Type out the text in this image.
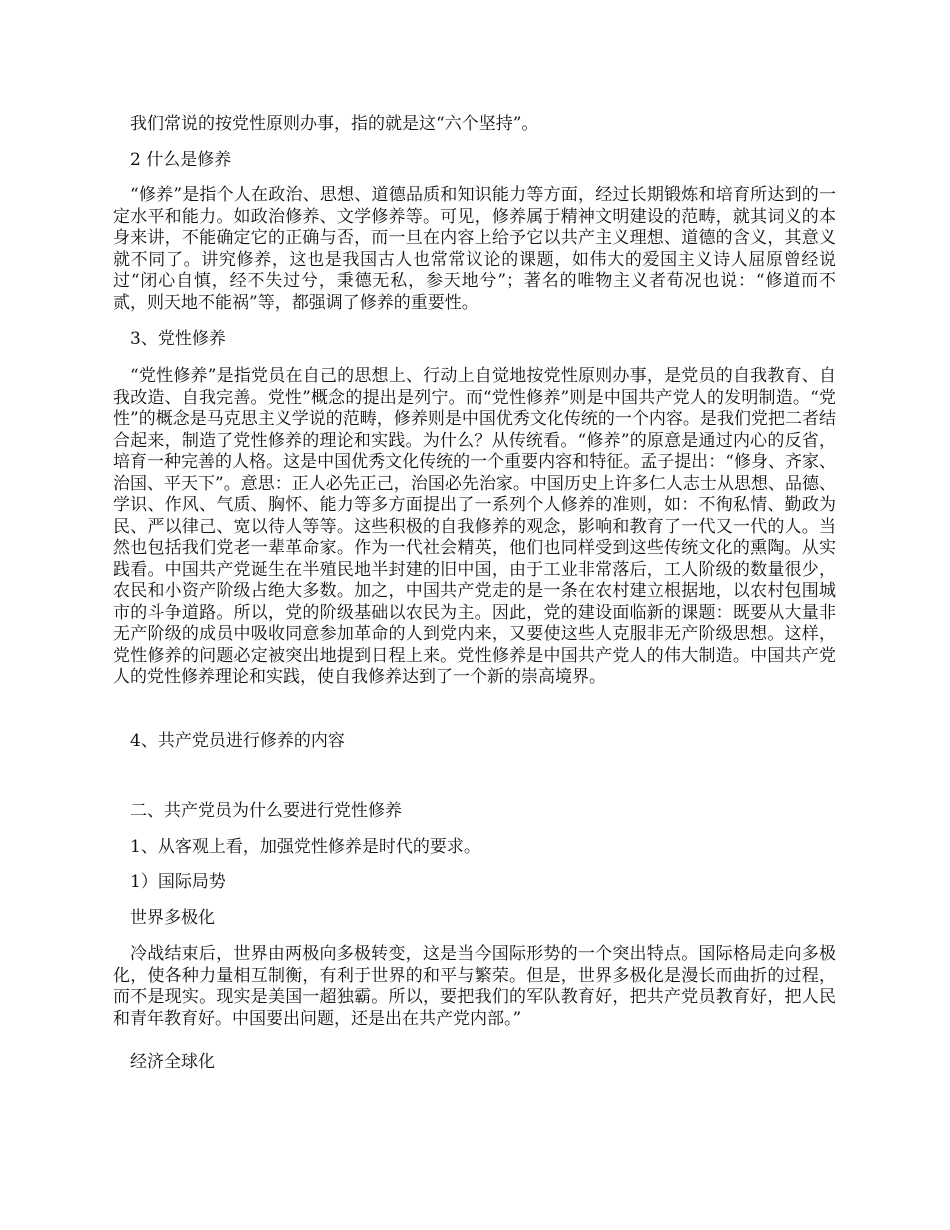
我们常说的按党性原则办事，指的就是这“六个坚持”。

2 什么是修养

“修养”是指个人在政治、思想、道德品质和知识能力等方面，经过长期锻炼和培育所达到的一定水平和能力。如政治修养、文学修养等。可见，修养属于精神文明建设的范畴，就其词义的本身来讲，不能确定它的正确与否，而一旦在内容上给予它以共产主义理想、道德的含义，其意义就不同了。讲究修养，这也是我国古人也常常议论的课题，如伟大的爱国主义诗人屈原曾经说过“闭心自慎，经不失过兮，秉德无私，参天地兮”；著名的唯物主义者荀况也说：“修道而不贰，则天地不能祸”等，都强调了修养的重要性。

3、党性修养

“党性修养”是指党员在自己的思想上、行动上自觉地按党性原则办事，是党员的自我教育、自我改造、自我完善。党性”概念的提出是列宁。而“党性修养”则是中国共产党人的发明制造。“党性”的概念是马克思主义学说的范畴，修养则是中国优秀文化传统的一个内容。是我们党把二者结合起来，制造了党性修养的理论和实践。为什么？从传统看。“修养”的原意是通过内心的反省，培育一种完善的人格。这是中国优秀文化传统的一个重要内容和特征。孟子提出：“修身、齐家、治国、平天下”。意思：正人必先正己，治国必先治家。中国历史上许多仁人志士从思想、品德、学识、作风、气质、胸怀、能力等多方面提出了一系列个人修养的准则，如：不徇私情、勤政为民、严以律己、宽以待人等等。这些积极的自我修养的观念，影响和教育了一代又一代的人。当然也包括我们党老一辈革命家。作为一代社会精英，他们也同样受到这些传统文化的熏陶。从实践看。中国共产党诞生在半殖民地半封建的旧中国，由于工业非常落后，工人阶级的数量很少，农民和小资产阶级占绝大多数。加之，中国共产党走的是一条在农村建立根据地，以农村包围城市的斗争道路。所以，党的阶级基础以农民为主。因此，党的建设面临新的课题：既要从大量非无产阶级的成员中吸收同意参加革命的人到党内来，又要使这些人克服非无产阶级思想。这样，党性修养的问题必定被突出地提到日程上来。党性修养是中国共产党人的伟大制造。中国共产党人的党性修养理论和实践，使自我修养达到了一个新的崇高境界。

4、共产党员进行修养的内容

二、共产党员为什么要进行党性修养

1、从客观上看，加强党性修养是时代的要求。

1）国际局势

世界多极化

冷战结束后，世界由两极向多极转变，这是当今国际形势的一个突出特点。国际格局走向多极化，使各种力量相互制衡，有利于世界的和平与繁荣。但是，世界多极化是漫长而曲折的过程，而不是现实。现实是美国一超独霸。所以，要把我们的军队教育好，把共产党员教育好，把人民和青年教育好。中国要出问题，还是出在共产党内部。”

经济全球化
